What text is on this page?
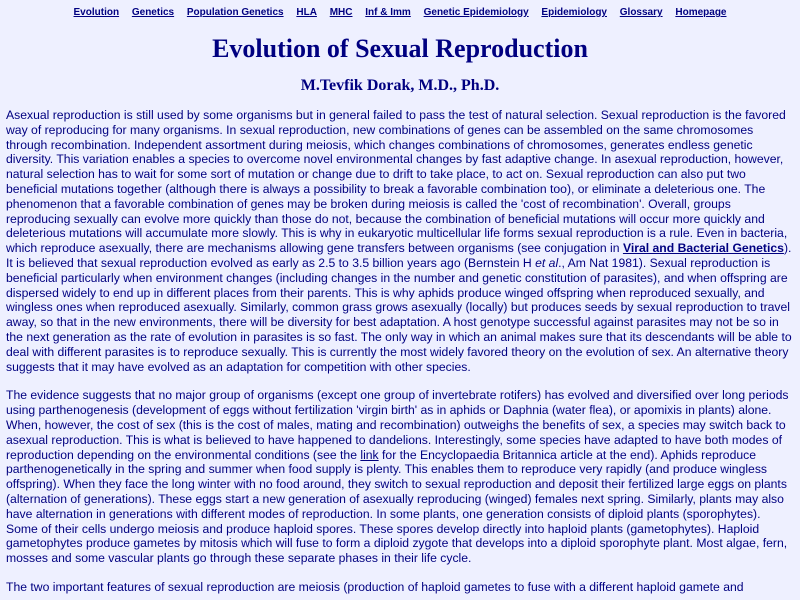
Evolution Genetics Population Genetics HLA MHC Inf & Imm Genetic Epidemiology Epidemiology Glossary Homepage
Evolution of Sexual Reproduction
M.Tevfik Dorak, M.D., Ph.D.

Asexual reproduction is still used by some organisms but in general failed to pass the test of natural selection. Sexual reproduction is the favored way of reproducing for many organisms. In sexual reproduction, new combinations of genes can be assembled on the same chromosomes through recombination. Independent assortment during meiosis, which changes combinations of chromosomes, generates endless genetic diversity. This variation enables a species to overcome novel environmental changes by fast adaptive change. In asexual reproduction, however, natural selection has to wait for some sort of mutation or change due to drift to take place, to act on. Sexual reproduction can also put two beneficial mutations together (although there is always a possibility to break a favorable combination too), or eliminate a deleterious one. The phenomenon that a favorable combination of genes may be broken during meiosis is called the 'cost of recombination'. Overall, groups reproducing sexually can evolve more quickly than those do not, because the combination of beneficial mutations will occur more quickly and deleterious mutations will accumulate more slowly. This is why in eukaryotic multicellular life forms sexual reproduction is a rule. Even in bacteria, which reproduce asexually, there are mechanisms allowing gene transfers between organisms (see conjugation in Viral and Bacterial Genetics). It is believed that sexual reproduction evolved as early as 2.5 to 3.5 billion years ago (Bernstein H et al., Am Nat 1981). Sexual reproduction is beneficial particularly when environment changes (including changes in the number and genetic constitution of parasites), and when offspring are dispersed widely to end up in different places from their parents. This is why aphids produce winged offspring when reproduced sexually, and wingless ones when reproduced asexually. Similarly, common grass grows asexually (locally) but produces seeds by sexual reproduction to travel away, so that in the new environments, there will be diversity for best adaptation. A host genotype successful against parasites may not be so in the next generation as the rate of evolution in parasites is so fast. The only way in which an animal makes sure that its descendants will be able to deal with different parasites is to reproduce sexually. This is currently the most widely favored theory on the evolution of sex. An alternative theory suggests that it may have evolved as an adaptation for competition with other species.

The evidence suggests that no major group of organisms (except one group of invertebrate rotifers) has evolved and diversified over long periods using parthenogenesis (development of eggs without fertilization 'virgin birth' as in aphids or Daphnia (water flea), or apomixis in plants) alone. When, however, the cost of sex (this is the cost of males, mating and recombination) outweighs the benefits of sex, a species may switch back to asexual reproduction. This is what is believed to have happened to dandelions. Interestingly, some species have adapted to have both modes of reproduction depending on the environmental conditions (see the link for the Encyclopaedia Britannica article at the end). Aphids reproduce parthenogenetically in the spring and summer when food supply is plenty. This enables them to reproduce very rapidly (and produce wingless offspring). When they face the long winter with no food around, they switch to sexual reproduction and deposit their fertilized large eggs on plants (alternation of generations). These eggs start a new generation of asexually reproducing (winged) females next spring. Similarly, plants may also have alternation in generations with different modes of reproduction. In some plants, one generation consists of diploid plants (sporophytes). Some of their cells undergo meiosis and produce haploid spores. These spores develop directly into haploid plants (gametophytes). Haploid gametophytes produce gametes by mitosis which will fuse to form a diploid zygote that develops into a diploid sporophyte plant. Most algae, fern, mosses and some vascular plants go through these separate phases in their life cycle.

The two important features of sexual reproduction are meiosis (production of haploid gametes to fuse with a different haploid gamete and
